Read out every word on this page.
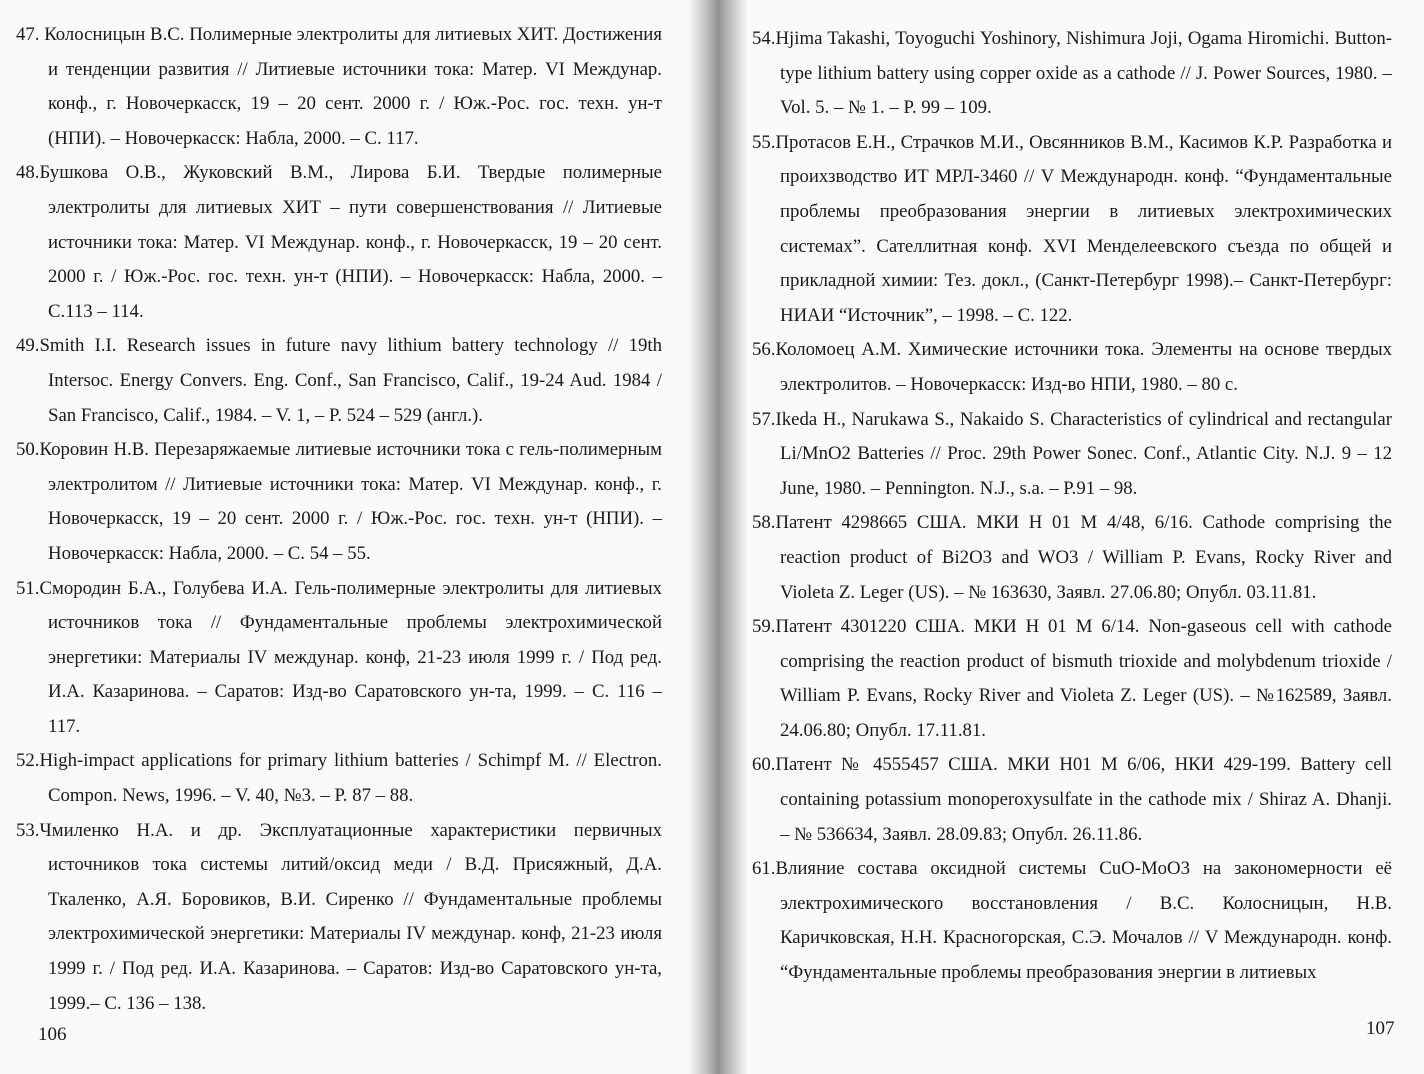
47. Колосницын В.С. Полимерные электролиты для литиевых ХИТ. Достижения и тенденции развития // Литиевые источники тока: Матер. VI Междунар. конф., г. Новочеркасск, 19 – 20 сент. 2000 г. / Юж.-Рос. гос. техн. ун-т (НПИ). – Новочеркасск: Набла, 2000. – С. 117.
48.Бушкова О.В., Жуковский В.М., Лирова Б.И. Твердые полимерные электролиты для литиевых ХИТ – пути совершенствования // Литиевые источники тока: Матер. VI Междунар. конф., г. Новочеркасск, 19 – 20 сент. 2000 г. / Юж.-Рос. гос. техн. ун-т (НПИ). – Новочеркасск: Набла, 2000. – С.113 – 114.
49.Smith I.I. Research issues in future navy lithium battery technology // 19th Intersoc. Energy Convers. Eng. Conf., San Francisco, Calif., 19-24 Aud. 1984 / San Francisco, Calif., 1984. – V. 1, – P. 524 – 529 (англ.).
50.Коровин Н.В. Перезаряжаемые литиевые источники тока с гель-полимерным электролитом // Литиевые источники тока: Матер. VI Междунар. конф., г. Новочеркасск, 19 – 20 сент. 2000 г. / Юж.-Рос. гос. техн. ун-т (НПИ). – Новочеркасск: Набла, 2000. – С. 54 – 55.
51.Смородин Б.А., Голубева И.А. Гель-полимерные электролиты для литиевых источников тока // Фундаментальные проблемы электрохимической энергетики: Материалы IV междунар. конф, 21-23 июля 1999 г. / Под ред. И.А. Казаринова. – Саратов: Изд-во Саратовского ун-та, 1999. – С. 116 – 117.
52.High-impact applications for primary lithium batteries / Schimpf M. // Electron. Compon. News, 1996. – V. 40, №3. – P. 87 – 88.
53.Чмиленко Н.А. и др. Эксплуатационные характеристики первичных источников тока системы литий/оксид меди / В.Д. Присяжный, Д.А. Ткаленко, А.Я. Боровиков, В.И. Сиренко // Фундаментальные проблемы электрохимической энергетики: Материалы IV междунар. конф, 21-23 июля 1999 г. / Под ред. И.А. Казаринова. – Саратов: Изд-во Саратовского ун-та, 1999.– С. 136 – 138.
106
54.Hjima Takashi, Toyoguchi Yoshinory, Nishimura Joji, Ogama Hiromichi. Button-type lithium battery using copper oxide as a cathode // J. Power Sources, 1980. – Vol. 5. – № 1. – P. 99 – 109.
55.Протасов Е.Н., Страчков М.И., Овсянников В.М., Касимов К.Р. Разработка и проихзводство ИТ МРЛ-3460 // V Международн. конф. “Фундаментальные проблемы преобразования энергии в литиевых электрохимических системах”. Сателлитная конф. XVI Менделеевского съезда по общей и прикладной химии: Тез. докл., (Санкт-Петербург 1998).– Санкт-Петербург: НИАИ “Источник”, – 1998. – С. 122.
56.Коломоец А.М. Химические источники тока. Элементы на основе твердых электролитов. – Новочеркасск: Изд-во НПИ, 1980. – 80 с.
57.Ikeda H., Narukawa S., Nakaido S. Characteristics of cylindrical and rectangular Li/MnO2 Batteries // Proc. 29th Power Sonec. Conf., Atlantic City. N.J. 9 – 12 June, 1980. – Pennington. N.J., s.a. – P.91 – 98.
58.Патент 4298665 США. МКИ Н 01 М 4/48, 6/16. Cathode comprising the reaction product of Bi2O3 and WO3 / William P. Evans, Rocky River and Violeta Z. Leger (US). – № 163630, Заявл. 27.06.80; Опубл. 03.11.81.
59.Патент 4301220 США. МКИ Н 01 М 6/14. Non-gaseous cell with cathode comprising the reaction product of bismuth trioxide and molybdenum trioxide / William P. Evans, Rocky River and Violeta Z. Leger (US). – №162589, Заявл. 24.06.80; Опубл. 17.11.81.
60.Патент № 4555457 США. МКИ Н01 М 6/06, НКИ 429-199. Battery cell containing potassium monoperoxysulfate in the cathode mix / Shiraz A. Dhanji. – № 536634, Заявл. 28.09.83; Опубл. 26.11.86.
61.Влияние состава оксидной системы CuO-MoO3 на закономерности её электрохимического восстановления / В.С. Колосницын, Н.В. Каричковская, Н.Н. Красногорская, С.Э. Мочалов // V Международн. конф. “Фундаментальные проблемы преобразования энергии в литиевых
107
